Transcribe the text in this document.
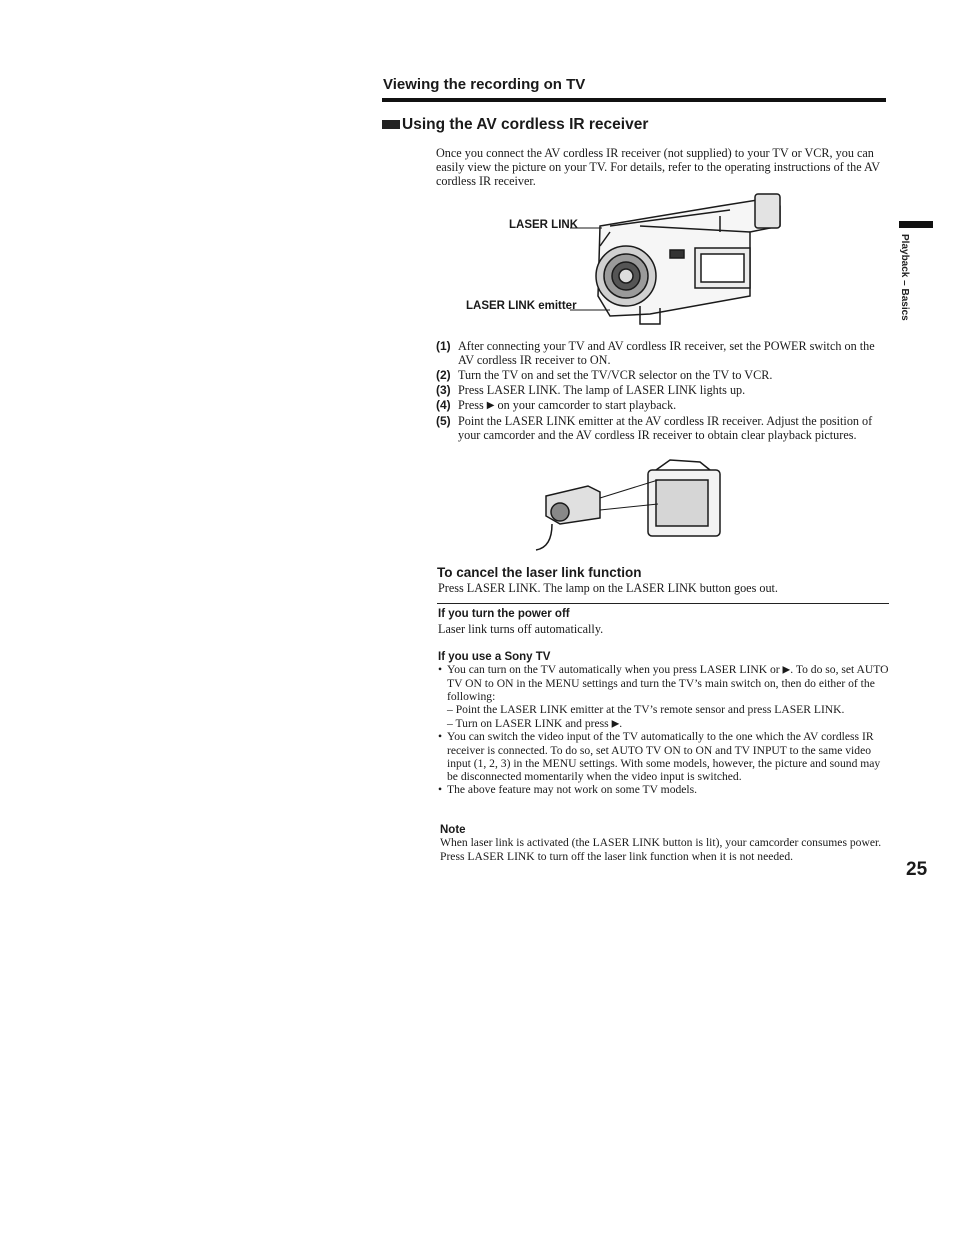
Viewing the recording on TV
Using the AV cordless IR receiver
Once you connect the AV cordless IR receiver (not supplied) to your TV or VCR, you can easily view the picture on your TV. For details, refer to the operating instructions of the AV cordless IR receiver.
LASER LINK
LASER LINK emitter
(1) After connecting your TV and AV cordless IR receiver, set the POWER switch on the AV cordless IR receiver to ON.
(2) Turn the TV on and set the TV/VCR selector on the TV to VCR.
(3) Press LASER LINK. The lamp of LASER LINK lights up.
(4) Press ▶ on your camcorder to start playback.
(5) Point the LASER LINK emitter at the AV cordless IR receiver. Adjust the position of your camcorder and the AV cordless IR receiver to obtain clear playback pictures.
To cancel the laser link function
Press LASER LINK. The lamp on the LASER LINK button goes out.
If you turn the power off
Laser link turns off automatically.
If you use a Sony TV
• You can turn on the TV automatically when you press LASER LINK or ▶. To do so, set AUTO TV ON to ON in the MENU settings and turn the TV’s main switch on, then do either of the following:
– Point the LASER LINK emitter at the TV’s remote sensor and press LASER LINK.
– Turn on LASER LINK and press ▶.
• You can switch the video input of the TV automatically to the one which the AV cordless IR receiver is connected. To do so, set AUTO TV ON to ON and TV INPUT to the same video input (1, 2, 3) in the MENU settings. With some models, however, the picture and sound may be disconnected momentarily when the video input is switched.
• The above feature may not work on some TV models.
Note
When laser link is activated (the LASER LINK button is lit), your camcorder consumes power. Press LASER LINK to turn off the laser link function when it is not needed.
25
Playback – Basics
